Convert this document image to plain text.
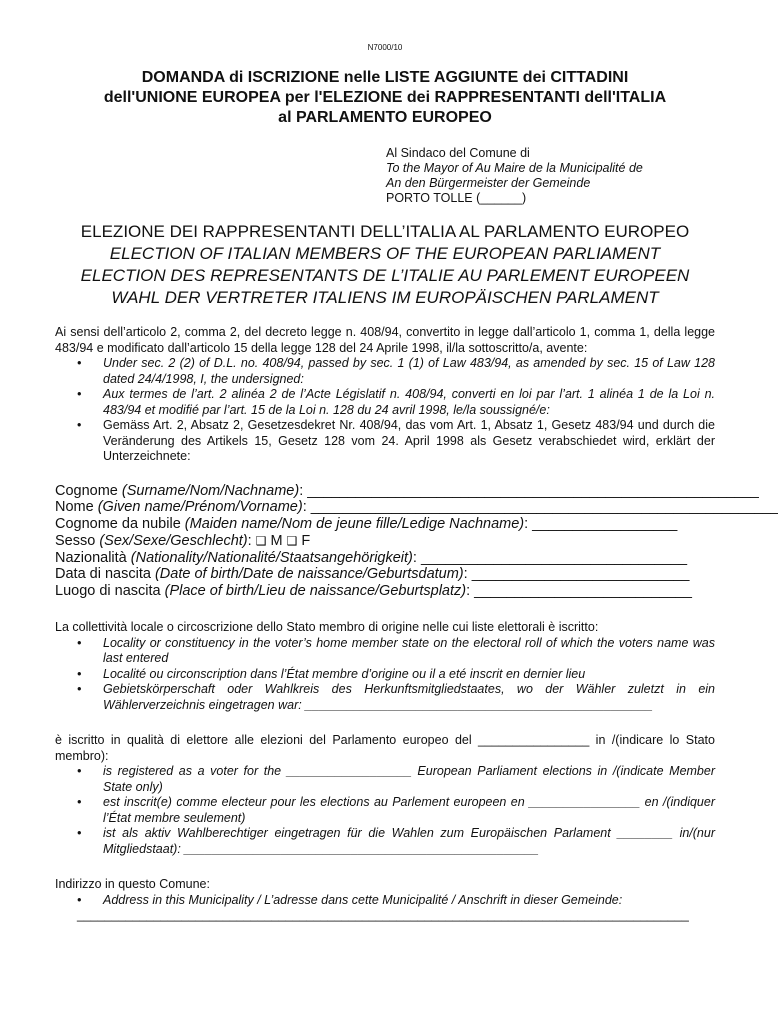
N7000/10
DOMANDA di ISCRIZIONE nelle LISTE AGGIUNTE dei CITTADINI
dell'UNIONE EUROPEA per l'ELEZIONE dei RAPPRESENTANTI dell'ITALIA
al PARLAMENTO EUROPEO
Al Sindaco del Comune di
To the Mayor of Au Maire de la Municipalité de
An den Bürgermeister der Gemeinde
PORTO TOLLE (______)
ELEZIONE DEI RAPPRESENTANTI DELL’ITALIA AL PARLAMENTO EUROPEO
ELECTION OF ITALIAN MEMBERS OF THE EUROPEAN PARLIAMENT
ELECTION DES REPRESENTANTS DE L’ITALIE AU PARLEMENT EUROPEEN
WAHL DER VERTRETER ITALIENS IM EUROPÄISCHEN PARLAMENT
Ai sensi dell’articolo 2, comma 2, del decreto legge n. 408/94, convertito in legge dall’articolo 1, comma 1, della legge 483/94 e modificato dall’articolo 15 della legge 128 del 24 Aprile 1998, il/la sottoscritto/a, avente:
• Under sec. 2 (2) of D.L. no. 408/94, passed by sec. 1 (1) of Law 483/94, as amended by sec. 15 of Law 128 dated 24/4/1998, I, the undersigned:
• Aux termes de l’art. 2 alinéa 2 de l’Acte Législatif n. 408/94, converti en loi par l’art. 1 alinéa 1 de la Loi n. 483/94 et modifié par l’art. 15 de la Loi n. 128 du 24 avril 1998, le/la soussigné/e:
• Gemäss Art. 2, Absatz 2, Gesetzesdekret Nr. 408/94, das vom Art. 1, Absatz 1, Gesetz 483/94 und durch die Veränderung des Artikels 15, Gesetz 128 vom 24. April 1998 als Gesetz verabschiedet wird, erklärt der Unterzeichnete:
Cognome (Surname/Nom/Nachname): ________________________________________________________
Nome (Given name/Prénom/Vorname): __________________________________________________________
Cognome da nubile (Maiden name/Nom de jeune fille/Ledige Nachname): __________________
Sesso (Sex/Sexe/Geschlecht): ❑ M ❑ F
Nazionalità (Nationality/Nationalité/Staatsangehörigkeit): _________________________________
Data di nascita (Date of birth/Date de naissance/Geburtsdatum): ___________________________
Luogo di nascita (Place of birth/Lieu de naissance/Geburtsplatz): ___________________________
La collettività locale o circoscrizione dello Stato membro di origine nelle cui liste elettorali è iscritto:
• Locality or constituency in the voter’s home member state on the electoral roll of which the voters name was last entered
• Localité ou circonscription dans l’État membre d’origine ou il a eté inscrit en dernier lieu
• Gebietskörperschaft oder Wahlkreis des Herkunftsmitgliedstaates, wo der Wähler zuletzt in ein Wählerverzeichnis eingetragen war: __________________________________________________
è iscritto in qualità di elettore alle elezioni del Parlamento europeo del ________________ in /(indicare lo Stato membro):
• is registered as a voter for the __________________ European Parliament elections in /(indicate Member State only)
• est inscrit(e) comme electeur pour les elections au Parlement europeen en ________________ en /(indiquer l’État membre seulement)
• ist als aktiv Wahlberechtiger eingetragen für die Wahlen zum Europäischen Parlament ________ in/(nur Mitgliedstaat): ___________________________________________________
Indirizzo in questo Comune:
• Address in this Municipality / L’adresse dans cette Municipalité / Anschrift in dieser Gemeinde:
________________________________________________________________________________________
